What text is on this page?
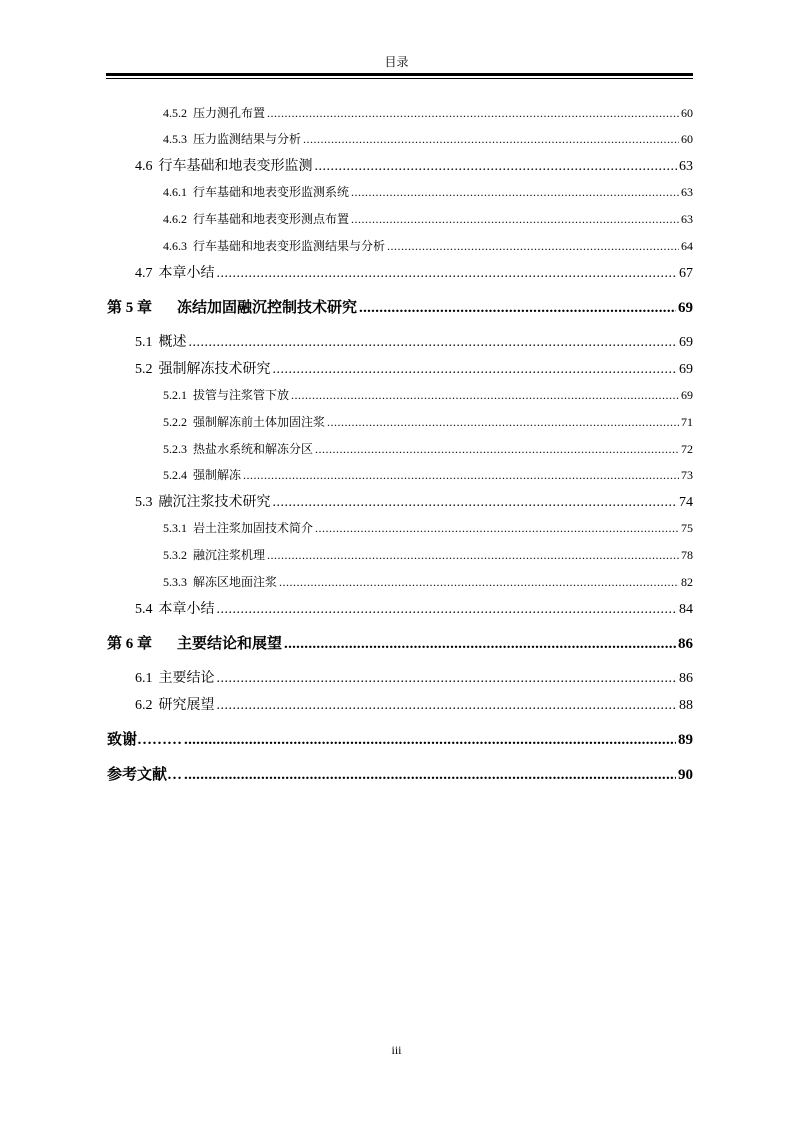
目录
4.5.2 压力测孔布置 .....	60
4.5.3 压力监测结果与分析 .....	60
4.6 行车基础和地表变形监测 .....	63
4.6.1 行车基础和地表变形监测系统 .....	63
4.6.2 行车基础和地表变形测点布置 .....	63
4.6.3 行车基础和地表变形监测结果与分析 .....	64
4.7 本章小结 .....	67
第 5 章	冻结加固融沉控制技术研究 .....	69
5.1 概述 .....	69
5.2 强制解冻技术研究 .....	69
5.2.1 拔管与注浆管下放 .....	69
5.2.2 强制解冻前土体加固注浆 .....	71
5.2.3 热盐水系统和解冻分区 .....	72
5.2.4 强制解冻 .....	73
5.3 融沉注浆技术研究 .....	74
5.3.1 岩土注浆加固技术简介 .....	75
5.3.2 融沉注浆机理 .....	78
5.3.3 解冻区地面注浆 .....	82
5.4 本章小结 .....	84
第 6 章	主要结论和展望 .....	86
6.1 主要结论 .....	86
6.2 研究展望 .....	88
致谢……… .....	89
参考文献… .....	90
iii
